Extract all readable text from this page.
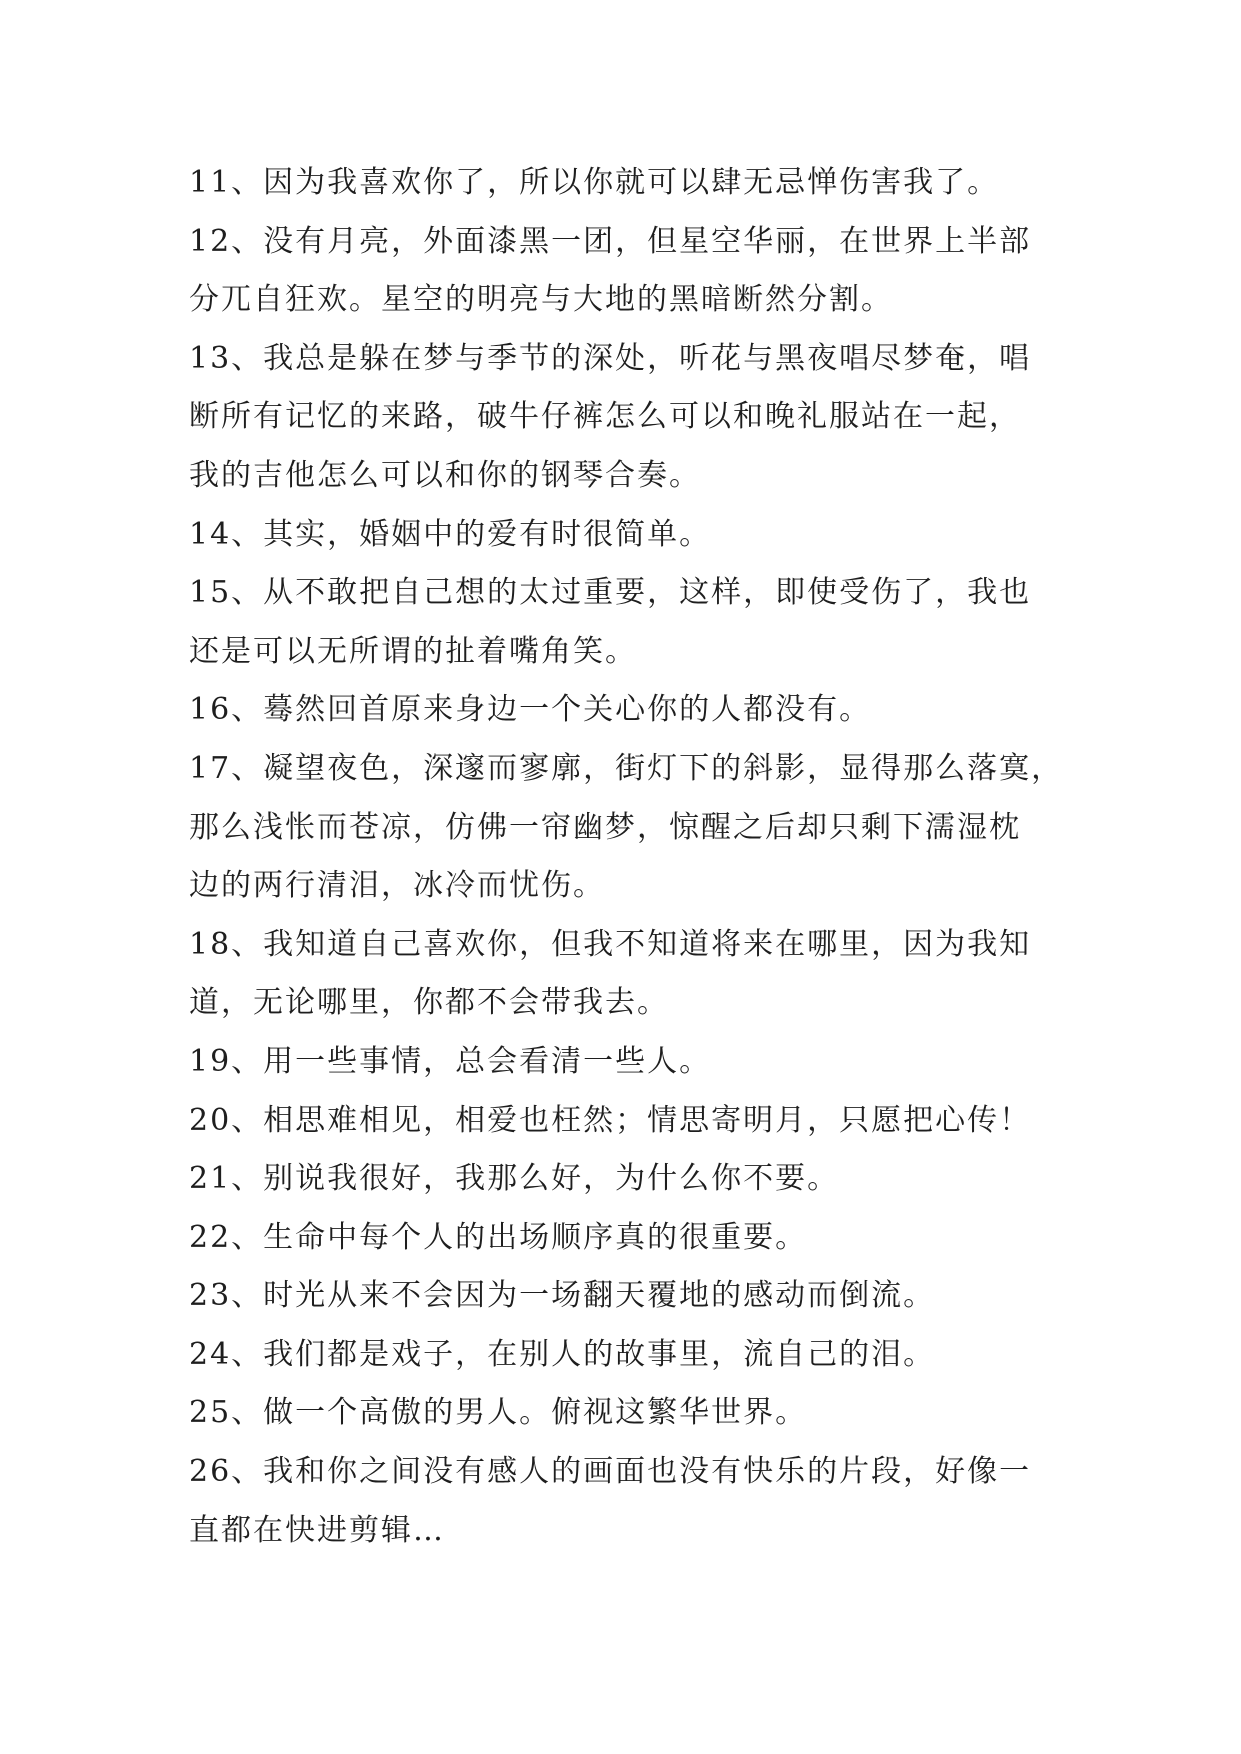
11、因为我喜欢你了，所以你就可以肆无忌惮伤害我了。
12、没有月亮，外面漆黑一团，但星空华丽，在世界上半部
分兀自狂欢。星空的明亮与大地的黑暗断然分割。
13、我总是躲在梦与季节的深处，听花与黑夜唱尽梦奄，唱
断所有记忆的来路，破牛仔裤怎么可以和晚礼服站在一起，
我的吉他怎么可以和你的钢琴合奏。
14、其实，婚姻中的爱有时很简单。
15、从不敢把自己想的太过重要，这样，即使受伤了，我也
还是可以无所谓的扯着嘴角笑。
16、蓦然回首原来身边一个关心你的人都没有。
17、凝望夜色，深邃而寥廓，街灯下的斜影，显得那么落寞，
那么浅怅而苍凉，仿佛一帘幽梦，惊醒之后却只剩下濡湿枕
边的两行清泪，冰冷而忧伤。
18、我知道自己喜欢你，但我不知道将来在哪里，因为我知
道，无论哪里，你都不会带我去。
19、用一些事情，总会看清一些人。
20、相思难相见，相爱也枉然；情思寄明月，只愿把心传！
21、别说我很好，我那么好，为什么你不要。
22、生命中每个人的出场顺序真的很重要。
23、时光从来不会因为一场翻天覆地的感动而倒流。
24、我们都是戏子，在别人的故事里，流自己的泪。
25、做一个高傲的男人。俯视这繁华世界。
26、我和你之间没有感人的画面也没有快乐的片段，好像一
直都在快进剪辑…
